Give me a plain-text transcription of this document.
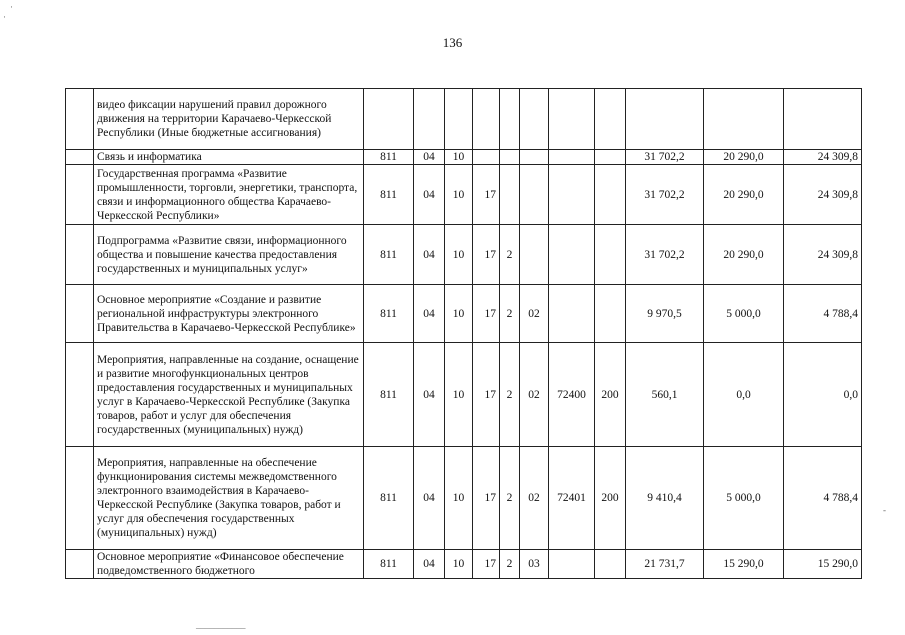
136
	видео фиксации нарушений правил дорожного движения на территории Карачаево-Черкесской Республики (Иные бюджетные ассигнования)											
	Связь и информатика	811	04	10						31 702,2	20 290,0	24 309,8
	Государственная программа «Развитие промышленности, торговли, энергетики, транспорта, связи и информационного общества Карачаево-Черкесской Республики»	811	04	10	17					31 702,2	20 290,0	24 309,8
	Подпрограмма «Развитие связи, информационного общества и повышение качества предоставления государственных и муниципальных услуг»	811	04	10	17	2				31 702,2	20 290,0	24 309,8
	Основное мероприятие «Создание и развитие региональной инфраструктуры электронного Правительства в Карачаево-Черкесской Республике»	811	04	10	17	2	02			9 970,5	5 000,0	4 788,4
	Мероприятия, направленные на создание, оснащение и развитие многофункциональных центров предоставления государственных и муниципальных услуг в Карачаево-Черкесской Республике (Закупка товаров, работ и услуг для обеспечения государственных (муниципальных) нужд)	811	04	10	17	2	02	72400	200	560,1	0,0	0,0
	Мероприятия, направленные на обеспечение функционирования системы межведомственного электронного взаимодействия в Карачаево-Черкесской Республике (Закупка товаров, работ и услуг для обеспечения государственных (муниципальных) нужд)	811	04	10	17	2	02	72401	200	9 410,4	5 000,0	4 788,4
	Основное мероприятие «Финансовое обеспечение подведомственного бюджетного	811	04	10	17	2	03			21 731,7	15 290,0	15 290,0
·
·
-
___________
